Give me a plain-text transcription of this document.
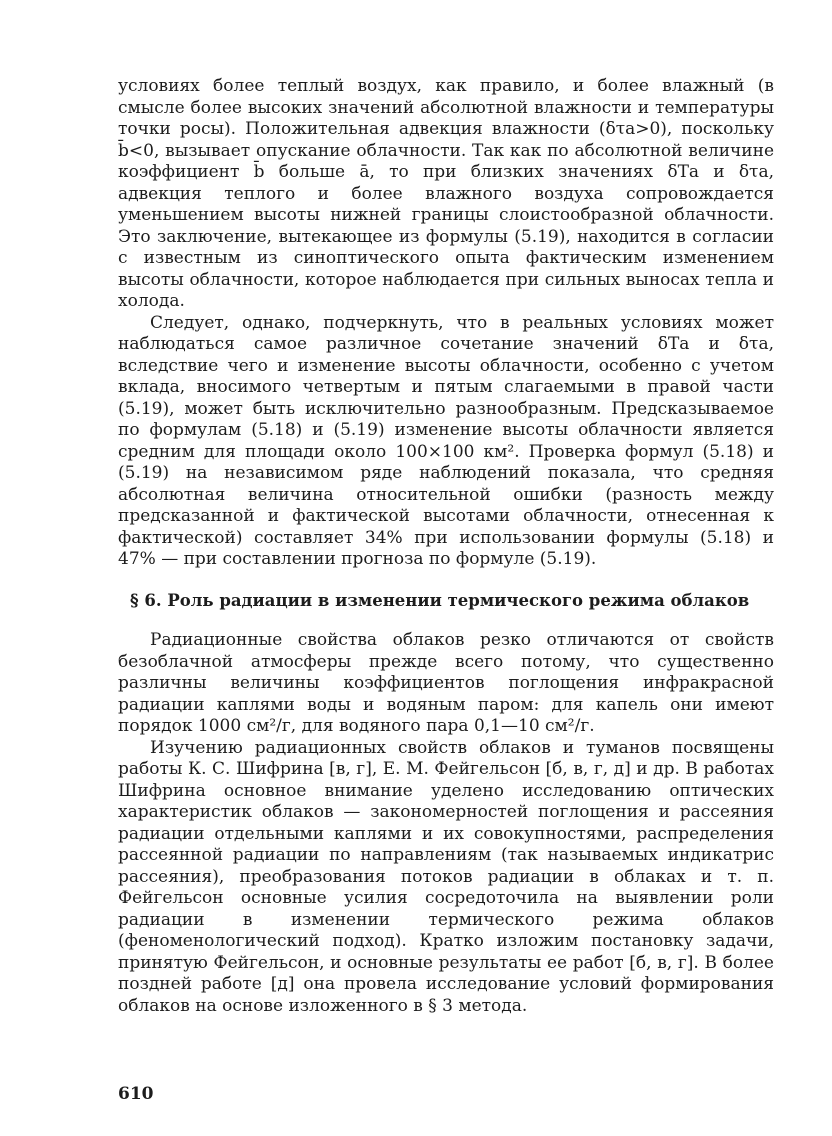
условиях более теплый воздух, как правило, и более влажный (в смысле более высоких значений абсолютной влажности и температуры точки росы). Положительная адвекция влажности (δτа>0), поскольку b̄<0, вызывает опускание облачности. Так как по абсолютной величине коэффициент b̄ больше ā, то при близких значениях δTа и δτа, адвекция теплого и более влажного воздуха сопровождается уменьшением высоты нижней границы слоистообразной облачности. Это заключение, вытекающее из формулы (5.19), находится в согласии с известным из синоптического опыта фактическим изменением высоты облачности, которое наблюдается при сильных выносах тепла и холода.

Следует, однако, подчеркнуть, что в реальных условиях может наблюдаться самое различное сочетание значений δTа и δτа, вследствие чего и изменение высоты облачности, особенно с учетом вклада, вносимого четвертым и пятым слагаемыми в правой части (5.19), может быть исключительно разнообразным. Предсказываемое по формулам (5.18) и (5.19) изменение высоты облачности является средним для площади около 100×100 км². Проверка формул (5.18) и (5.19) на независимом ряде наблюдений показала, что средняя абсолютная величина относительной ошибки (разность между предсказанной и фактической высотами облачности, отнесенная к фактической) составляет 34% при использовании формулы (5.18) и 47% — при составлении прогноза по формуле (5.19).

§ 6. Роль радиации в изменении термического режима облаков

Радиационные свойства облаков резко отличаются от свойств безоблачной атмосферы прежде всего потому, что существенно различны величины коэффициентов поглощения инфракрасной радиации каплями воды и водяным паром: для капель они имеют порядок 1000 см²/г, для водяного пара 0,1—10 см²/г.

Изучению радиационных свойств облаков и туманов посвящены работы К. С. Шифрина [в, г], Е. М. Фейгельсон [б, в, г, д] и др. В работах Шифрина основное внимание уделено исследованию оптических характеристик облаков — закономерностей поглощения и рассеяния радиации отдельными каплями и их совокупностями, распределения рассеянной радиации по направлениям (так называемых индикатрис рассеяния), преобразования потоков радиации в облаках и т. п. Фейгельсон основные усилия сосредоточила на выявлении роли радиации в изменении термического режима облаков (феноменологический подход). Кратко изложим постановку задачи, принятую Фейгельсон, и основные результаты ее работ [б, в, г]. В более поздней работе [д] она провела исследование условий формирования облаков на основе изложенного в § 3 метода.

610
